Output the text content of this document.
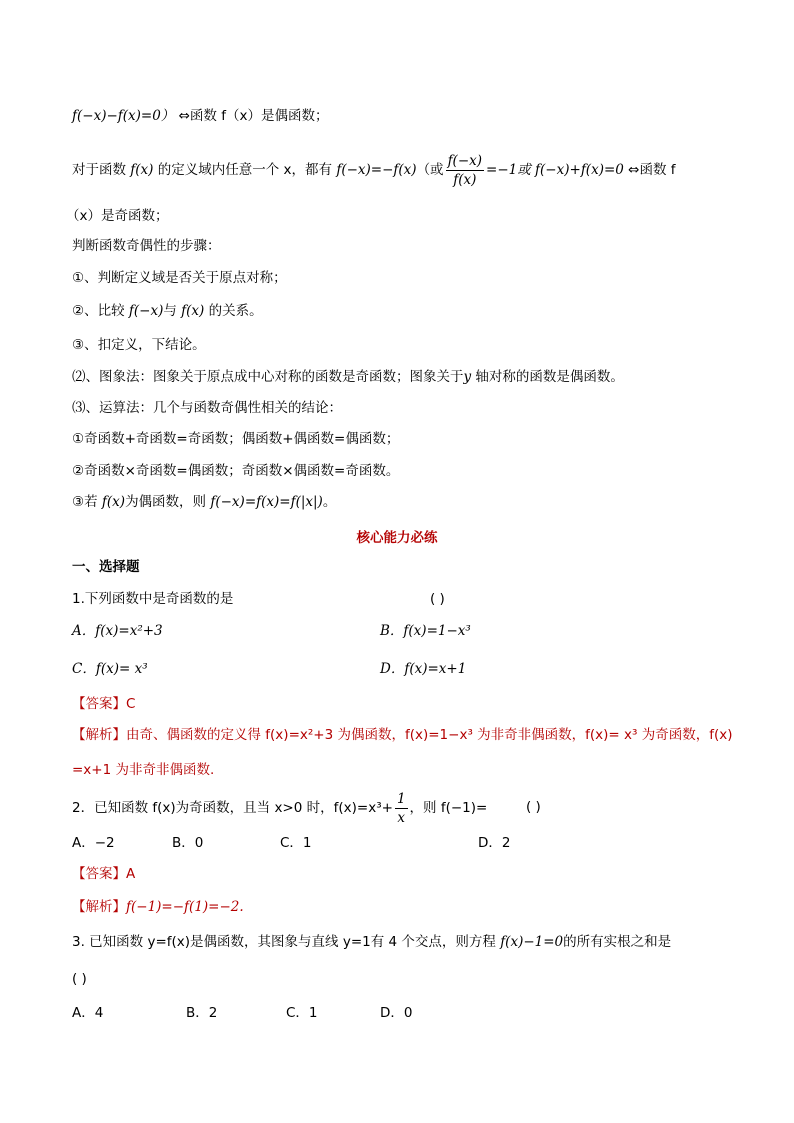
f(−x)−f(x)=0） ⇔函数 f（x）是偶函数；
对于函数 f(x) 的定义域内任意一个 x，都有 f(−x)=−f(x)（或 $\frac{f(-x)}{f(x)} =-1$或 f(−x)+f(x)=0 ⇔函数 f
（x）是奇函数；
判断函数奇偶性的步骤：
①、判断定义域是否关于原点对称；
②、比较 f(−x)与 f(x) 的关系。
③、扣定义，下结论。
⑵、图象法：图象关于原点成中心对称的函数是奇函数；图象关于y 轴对称的函数是偶函数。
⑶、运算法：几个与函数奇偶性相关的结论：
①奇函数+奇函数=奇函数；偶函数+偶函数=偶函数；
②奇函数×奇函数=偶函数；奇函数×偶函数=奇函数。
③若 f(x)为偶函数，则 f(−x)=f(x)=f(|x|)。
核心能力必练
一、选择题
1.下列函数中是奇函数的是	( )
A．f(x)=x²+3	B．f(x)=1−x³
C．f(x)= x³	D．f(x)=x+1
【答案】C
【解析】由奇、偶函数的定义得 f(x)=x²+3 为偶函数，f(x)=1−x³ 为非奇非偶函数，f(x)= x³ 为奇函数，f(x)
=x+1 为非奇非偶函数.
2．已知函数 f(x)为奇函数，且当 x>0 时，$f(x)=x^3+ \frac{1}{x}$ ，则 f(−1)=	( )
A．−2	B．0	C．1	D．2
【答案】A
【解析】f(−1)=−f(1)=−2.
3. 已知函数 y=f(x)是偶函数，其图象与直线 y=1有 4 个交点，则方程 f(x)−1=0的所有实根之和是
( )
A．4	B．2	C．1	D．0
